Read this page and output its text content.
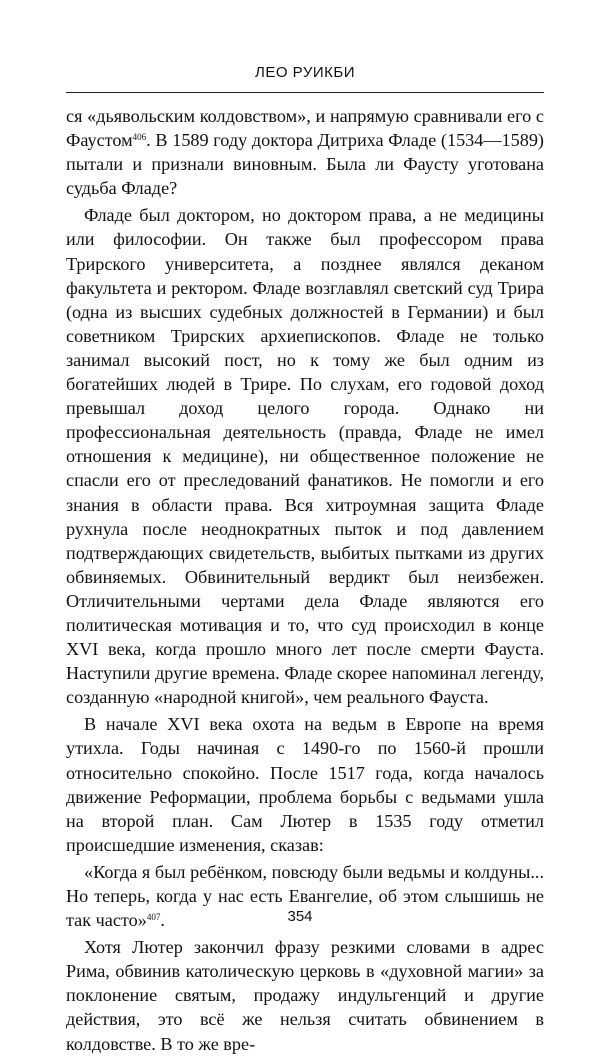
ЛЕО РУИКБИ

ся «дьявольским колдовством», и напрямую сравнивали его с Фаустом$^{406}$. В 1589 году доктора Дитриха Фладе (1534—1589) пытали и признали виновным. Была ли Фаусту уготована судьба Фладе?

Фладе был доктором, но доктором права, а не медицины или философии. Он также был профессором права Трирского университета, а позднее являлся деканом факультета и ректором. Фладе возглавлял светский суд Трира (одна из высших судебных должностей в Германии) и был советником Трирских архиепископов. Фладе не только занимал высокий пост, но к тому же был одним из богатейших людей в Трире. По слухам, его годовой доход превышал доход целого города. Однако ни профессиональная деятельность (правда, Фладе не имел отношения к медицине), ни общественное положение не спасли его от преследований фанатиков. Не помогли и его знания в области права. Вся хитроумная защита Фладе рухнула после неоднократных пыток и под давлением подтверждающих свидетельств, выбитых пытками из других обвиняемых. Обвинительный вердикт был неизбежен. Отличительными чертами дела Фладе являются его политическая мотивация и то, что суд происходил в конце XVI века, когда прошло много лет после смерти Фауста. Наступили другие времена. Фладе скорее напоминал легенду, созданную «народной книгой», чем реального Фауста.

В начале XVI века охота на ведьм в Европе на время утихла. Годы начиная с 1490-го по 1560-й прошли относительно спокойно. После 1517 года, когда началось движение Реформации, проблема борьбы с ведьмами ушла на второй план. Сам Лютер в 1535 году отметил происшедшие изменения, сказав:

«Когда я был ребёнком, повсюду были ведьмы и колдуны... Но теперь, когда у нас есть Евангелие, об этом слышишь не так часто»$^{407}$.

Хотя Лютер закончил фразу резкими словами в адрес Рима, обвинив католическую церковь в «духовной магии» за поклонение святым, продажу индульгенций и другие действия, это всё же нельзя считать обвинением в колдовстве. В то же вре-

354
